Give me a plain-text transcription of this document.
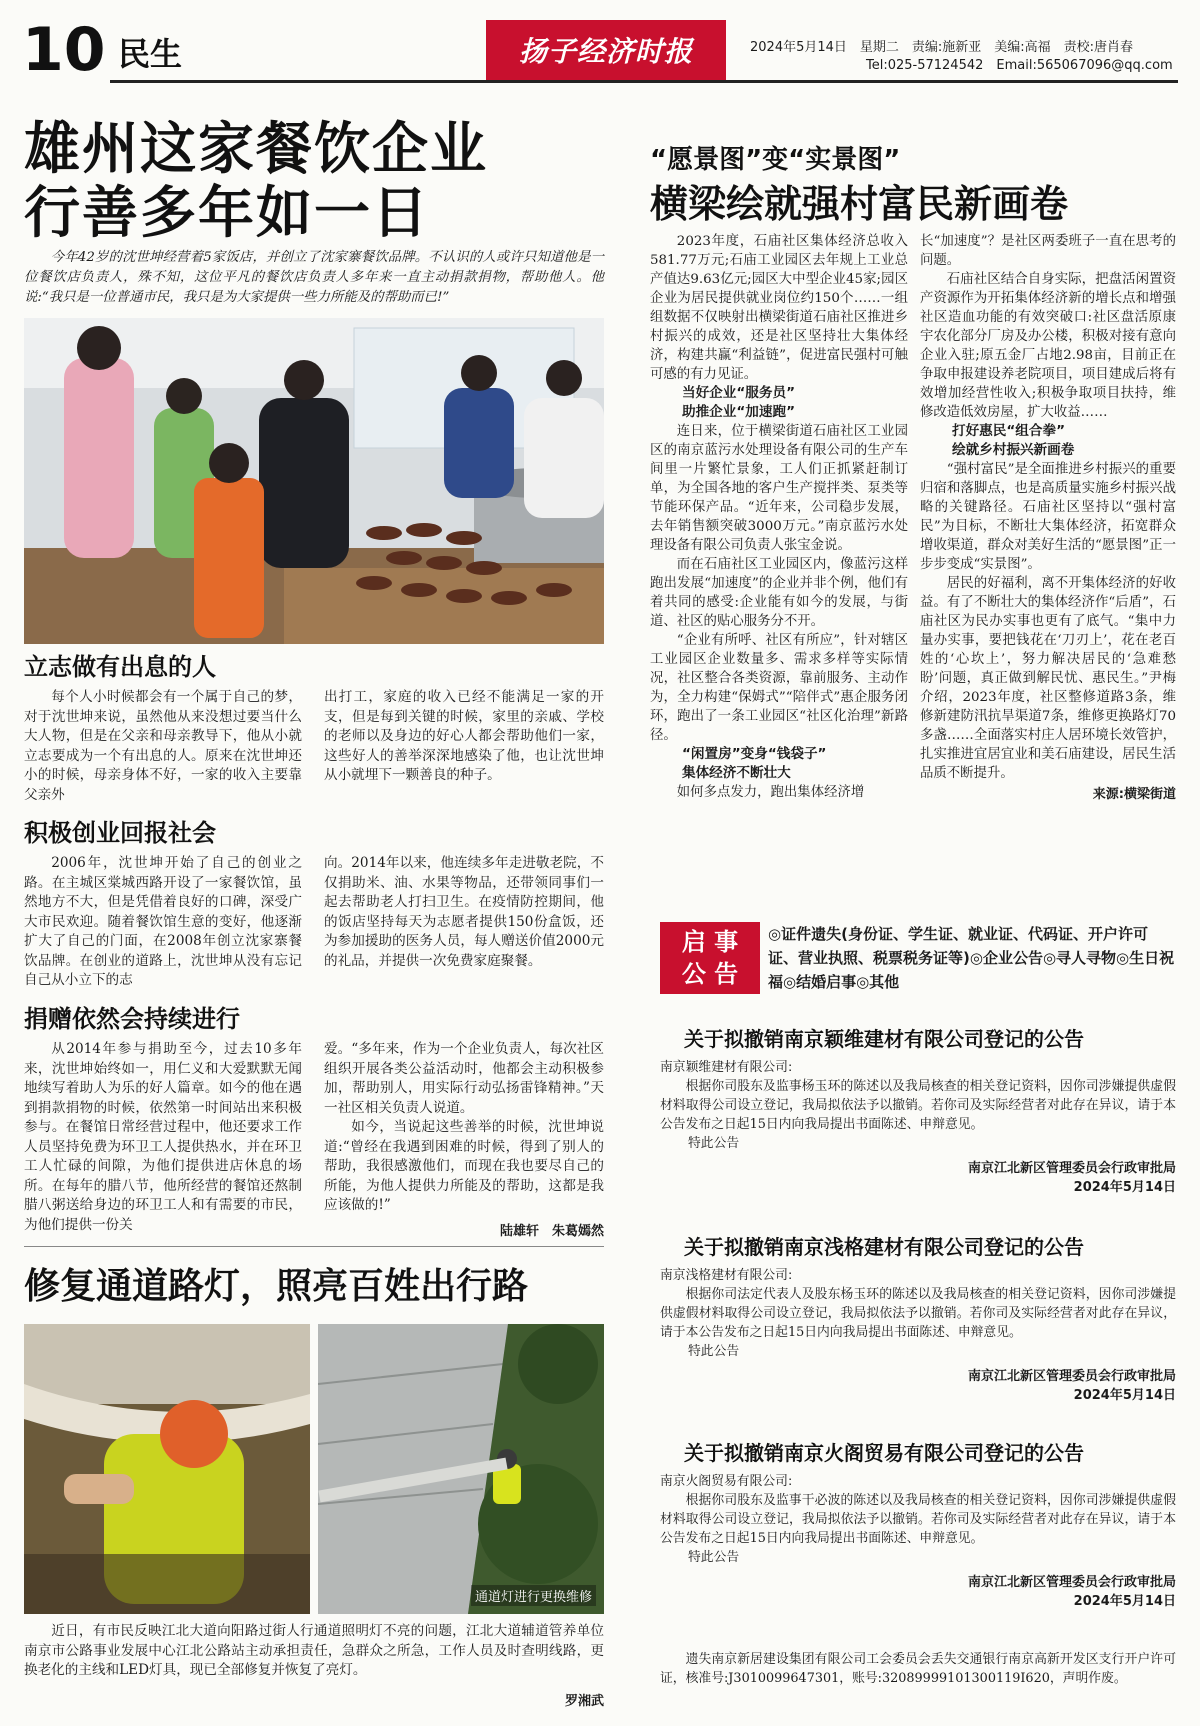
10 民生	扬子经济时报	2024年5月14日　星期二　责编:施新亚　美编:高福　责校:唐肖春
Tel:025-57124542　Email:565067096@qq.com
雄州这家餐饮企业
行善多年如一日

今年42岁的沈世坤经营着5家饭店，并创立了沈家寨餐饮品牌。不认识的人或许只知道他是一位餐饮店负责人，殊不知，这位平凡的餐饮店负责人多年来一直主动捐款捐物，帮助他人。他说:“我只是一位普通市民，我只是为大家提供一些力所能及的帮助而已!”

立志做有出息的人

每个人小时候都会有一个属于自己的梦，对于沈世坤来说，虽然他从来没想过要当什么大人物，但是在父亲和母亲教导下，他从小就立志要成为一个有出息的人。原来在沈世坤还小的时候，母亲身体不好，一家的收入主要靠父亲外

出打工，家庭的收入已经不能满足一家的开支，但是每到关键的时候，家里的亲戚、学校的老师以及身边的好心人都会帮助他们一家，这些好人的善举深深地感染了他，也让沈世坤从小就埋下一颗善良的种子。

积极创业回报社会

2006年，沈世坤开始了自己的创业之路。在主城区棠城西路开设了一家餐饮馆，虽然地方不大，但是凭借着良好的口碑，深受广大市民欢迎。随着餐饮馆生意的变好，他逐渐扩大了自己的门面，在2008年创立沈家寨餐饮品牌。在创业的道路上，沈世坤从没有忘记自己从小立下的志

向。2014年以来，他连续多年走进敬老院，不仅捐助米、油、水果等物品，还带领同事们一起去帮助老人打扫卫生。在疫情防控期间，他的饭店坚持每天为志愿者提供150份盒饭，还为参加援助的医务人员，每人赠送价值2000元的礼品，并提供一次免费家庭聚餐。

捐赠依然会持续进行

从2014年参与捐助至今，过去10多年来，沈世坤始终如一，用仁义和大爱默默无闻地续写着助人为乐的好人篇章。如今的他在遇到捐款捐物的时候，依然第一时间站出来积极参与。在餐馆日常经营过程中，他还要求工作人员坚持免费为环卫工人提供热水，并在环卫工人忙碌的间隙，为他们提供进店休息的场所。在每年的腊八节，他所经营的餐馆还熬制腊八粥送给身边的环卫工人和有需要的市民，为他们提供一份关

爱。“多年来，作为一个企业负责人，每次社区组织开展各类公益活动时，他都会主动积极参加，帮助别人，用实际行动弘扬雷锋精神。”天一社区相关负责人说道。

如今，当说起这些善举的时候，沈世坤说道:“曾经在我遇到困难的时候，得到了别人的帮助，我很感激他们，而现在我也要尽自己的所能，为他人提供力所能及的帮助，这都是我应该做的!”

陆雄轩　朱葛嫣然
修复通道路灯，照亮百姓出行路
通道灯进行更换维修

近日，有市民反映江北大道向阳路过街人行通道照明灯不亮的问题，江北大道辅道管养单位南京市公路事业发展中心江北公路站主动承担责任，急群众之所急，工作人员及时查明线路，更换老化的主线和LED灯具，现已全部修复并恢复了亮灯。

罗湘武
“愿景图”变“实景图”
横梁绘就强村富民新画卷

2023年度，石庙社区集体经济总收入581.77万元;石庙工业园区去年规上工业总产值达9.63亿元;园区大中型企业45家;园区企业为居民提供就业岗位约150个……一组组数据不仅映射出横梁街道石庙社区推进乡村振兴的成效，还是社区坚持壮大集体经济，构建共赢“利益链”，促进富民强村可触可感的有力见证。

当好企业“服务员”
助推企业“加速跑”

连日来，位于横梁街道石庙社区工业园区的南京蓝污水处理设备有限公司的生产车间里一片繁忙景象，工人们正抓紧赶制订单，为全国各地的客户生产搅拌类、泵类等节能环保产品。“近年来，公司稳步发展，去年销售额突破3000万元。”南京蓝污水处理设备有限公司负责人张宝金说。

而在石庙社区工业园区内，像蓝污这样跑出发展“加速度”的企业并非个例，他们有着共同的感受:企业能有如今的发展，与街道、社区的贴心服务分不开。

“企业有所呼、社区有所应”，针对辖区工业园区企业数量多、需求多样等实际情况，社区整合各类资源，靠前服务、主动作为，全力构建“保姆式”“陪伴式”惠企服务闭环，跑出了一条工业园区“社区化治理”新路径。

“闲置房”变身“钱袋子”
集体经济不断壮大

如何多点发力，跑出集体经济增

长“加速度”？是社区两委班子一直在思考的问题。

石庙社区结合自身实际，把盘活闲置资产资源作为开拓集体经济新的增长点和增强社区造血功能的有效突破口:社区盘活原康宇农化部分厂房及办公楼，积极对接有意向企业入驻;原五金厂占地2.98亩，目前正在争取申报建设养老院项目，项目建成后将有效增加经营性收入;积极争取项目扶持，维修改造低效房屋，扩大收益……

打好惠民“组合拳”
绘就乡村振兴新画卷

“强村富民”是全面推进乡村振兴的重要归宿和落脚点，也是高质量实施乡村振兴战略的关键路径。石庙社区坚持以“强村富民”为目标，不断壮大集体经济，拓宽群众增收渠道，群众对美好生活的“愿景图”正一步步变成“实景图”。

居民的好福利，离不开集体经济的好收益。有了不断壮大的集体经济作“后盾”，石庙社区为民办实事也更有了底气。“集中力量办实事，要把钱花在‘刀刃上’，花在老百姓的‘心坎上’，努力解决居民的‘急难愁盼’问题，真正做到解民忧、惠民生。”尹梅介绍，2023年度，社区整修道路3条，维修新建防汛抗旱渠道7条，维修更换路灯70多盏……全面落实村庄人居环境长效管护，扎实推进宜居宜业和美石庙建设，居民生活品质不断提升。

来源:横梁街道
启 事
公 告
◎证件遗失(身份证、学生证、就业证、代码证、开户许可证、营业执照、税票税务证等)◎企业公告◎寻人寻物◎生日祝福◎结婚启事◎其他
关于拟撤销南京颖维建材有限公司登记的公告
南京颖维建材有限公司:

根据你司股东及监事杨玉环的陈述以及我局核查的相关登记资料，因你司涉嫌提供虚假材料取得公司设立登记，我局拟依法予以撤销。若你司及实际经营者对此存在异议，请于本公告发布之日起15日内向我局提出书面陈述、申辩意见。

特此公告
南京江北新区管理委员会行政审批局
2024年5月14日
关于拟撤销南京浅格建材有限公司登记的公告
南京浅格建材有限公司:

根据你司法定代表人及股东杨玉环的陈述以及我局核查的相关登记资料，因你司涉嫌提供虚假材料取得公司设立登记，我局拟依法予以撤销。若你司及实际经营者对此存在异议，请于本公告发布之日起15日内向我局提出书面陈述、申辩意见。

特此公告
南京江北新区管理委员会行政审批局
2024年5月14日
关于拟撤销南京火阁贸易有限公司登记的公告
南京火阁贸易有限公司:

根据你司股东及监事干必波的陈述以及我局核查的相关登记资料，因你司涉嫌提供虚假材料取得公司设立登记，我局拟依法予以撤销。若你司及实际经营者对此存在异议，请于本公告发布之日起15日内向我局提出书面陈述、申辩意见。

特此公告
南京江北新区管理委员会行政审批局
2024年5月14日

遗失南京新居建设集团有限公司工会委员会丢失交通银行南京高新开发区支行开户许可证，核准号:J3010099647301，账号:32089999101300119I620，声明作废。
